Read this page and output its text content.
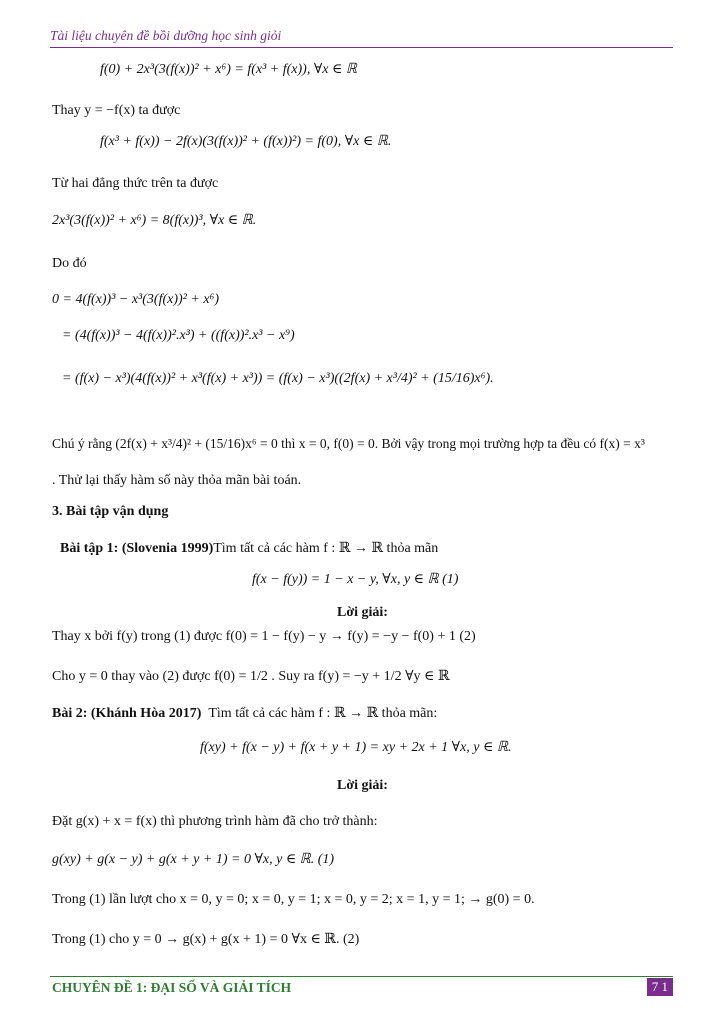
Tài liệu chuyên đề bồi dưỡng học sinh giỏi
f(0) + 2x³(3(f(x))² + x⁶) = f(x³ + f(x)), ∀x ∈ ℝ
Thay y = −f(x) ta được
f(x³ + f(x)) − 2f(x)(3(f(x))² + (f(x))²) = f(0), ∀x ∈ ℝ.
Từ hai đẳng thức trên ta được
2x³(3(f(x))² + x⁶) = 8(f(x))³, ∀x ∈ ℝ.
Do đó
0 = 4(f(x))³ − x³(3(f(x))² + x⁶)
= (4(f(x))³ − 4(f(x))².x³) + ((f(x))².x³ − x⁹)
= (f(x) − x³)(4(f(x))² + x³(f(x) + x³)) = (f(x) − x³)((2f(x) + x³/4)² + (15/16)x⁶).
Chú ý rằng (2f(x) + x³/4)² + (15/16)x⁶ = 0 thì x = 0, f(0) = 0. Bởi vậy trong mọi trường hợp ta đều có f(x) = x³
. Thử lại thấy hàm số này thỏa mãn bài toán.
3. Bài tập vận dụng
Bài tập 1: (Slovenia 1999)Tìm tất cả các hàm f : ℝ → ℝ thỏa mãn
f(x − f(y)) = 1 − x − y, ∀x, y ∈ ℝ (1)
Lời giải:
Thay x bởi f(y) trong (1) được f(0) = 1 − f(y) − y → f(y) = −y − f(0) + 1 (2)
Cho y = 0 thay vào (2) được f(0) = 1/2 . Suy ra f(y) = −y + 1/2 ∀y ∈ ℝ
Bài 2: (Khánh Hòa 2017) Tìm tất cả các hàm f : ℝ → ℝ thỏa mãn:
f(xy) + f(x − y) + f(x + y + 1) = xy + 2x + 1 ∀x, y ∈ ℝ.
Lời giải:
Đặt g(x) + x = f(x) thì phương trình hàm đã cho trở thành:
g(xy) + g(x − y) + g(x + y + 1) = 0 ∀x, y ∈ ℝ. (1)
Trong (1) lần lượt cho x = 0, y = 0; x = 0, y = 1; x = 0, y = 2; x = 1, y = 1; → g(0) = 0.
Trong (1) cho y = 0 → g(x) + g(x + 1) = 0 ∀x ∈ ℝ. (2)
CHUYÊN ĐỀ 1: ĐẠI SỐ VÀ GIẢI TÍCH	7 1
